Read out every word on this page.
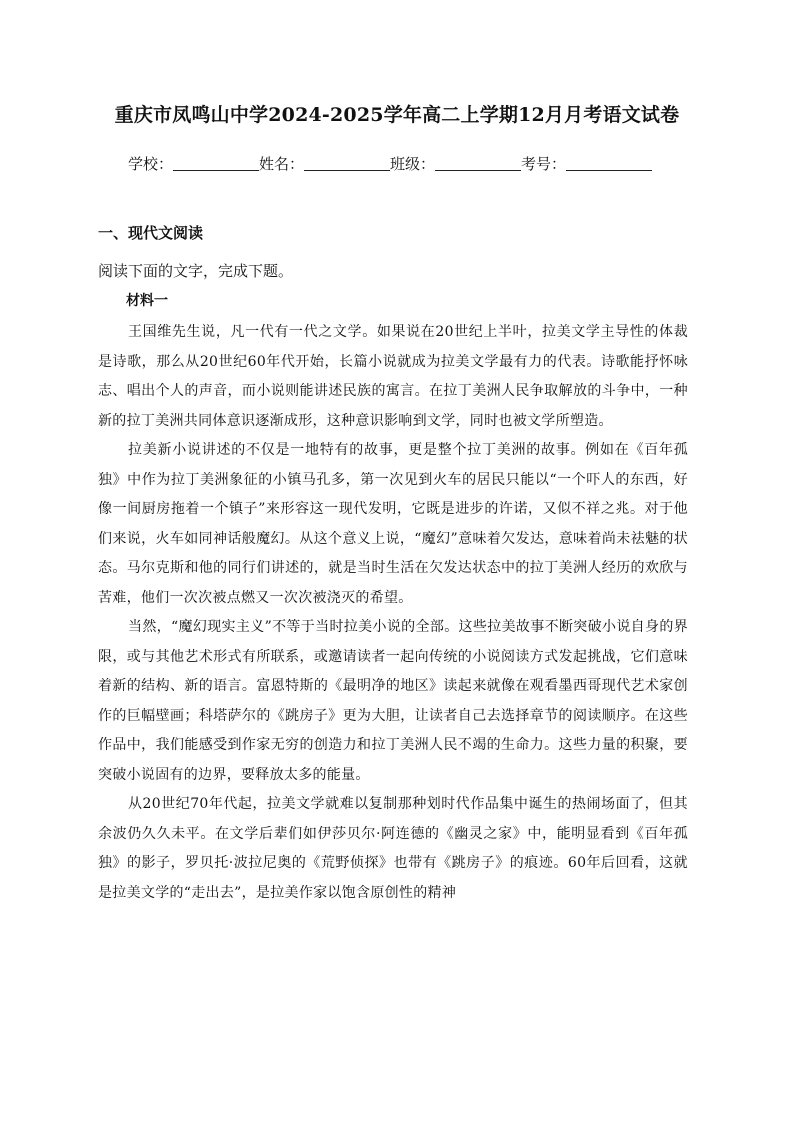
重庆市凤鸣山中学2024-2025学年高二上学期12月月考语文试卷
学校：	姓名：	班级：	考号：
一、现代文阅读
阅读下面的文字，完成下题。
材料一

王国维先生说，凡一代有一代之文学。如果说在20世纪上半叶，拉美文学主导性的体裁是诗歌，那么从20世纪60年代开始，长篇小说就成为拉美文学最有力的代表。诗歌能抒怀咏志、唱出个人的声音，而小说则能讲述民族的寓言。在拉丁美洲人民争取解放的斗争中，一种新的拉丁美洲共同体意识逐渐成形，这种意识影响到文学，同时也被文学所塑造。

拉美新小说讲述的不仅是一地特有的故事，更是整个拉丁美洲的故事。例如在《百年孤独》中作为拉丁美洲象征的小镇马孔多，第一次见到火车的居民只能以“一个吓人的东西，好像一间厨房拖着一个镇子”来形容这一现代发明，它既是进步的许诺，又似不祥之兆。对于他们来说，火车如同神话般魔幻。从这个意义上说，“魔幻”意味着欠发达，意味着尚未祛魅的状态。马尔克斯和他的同行们讲述的，就是当时生活在欠发达状态中的拉丁美洲人经历的欢欣与苦难，他们一次次被点燃又一次次被浇灭的希望。

当然，“魔幻现实主义”不等于当时拉美小说的全部。这些拉美故事不断突破小说自身的界限，或与其他艺术形式有所联系，或邀请读者一起向传统的小说阅读方式发起挑战，它们意味着新的结构、新的语言。富恩特斯的《最明净的地区》读起来就像在观看墨西哥现代艺术家创作的巨幅壁画；科塔萨尔的《跳房子》更为大胆，让读者自己去选择章节的阅读顺序。在这些作品中，我们能感受到作家无穷的创造力和拉丁美洲人民不竭的生命力。这些力量的积聚，要突破小说固有的边界，要释放太多的能量。

从20世纪70年代起，拉美文学就难以复制那种划时代作品集中诞生的热闹场面了，但其余波仍久久未平。在文学后辈们如伊莎贝尔·阿连德的《幽灵之家》中，能明显看到《百年孤独》的影子，罗贝托·波拉尼奥的《荒野侦探》也带有《跳房子》的痕迹。60年后回看，这就是拉美文学的“走出去”，是拉美作家以饱含原创性的精神
